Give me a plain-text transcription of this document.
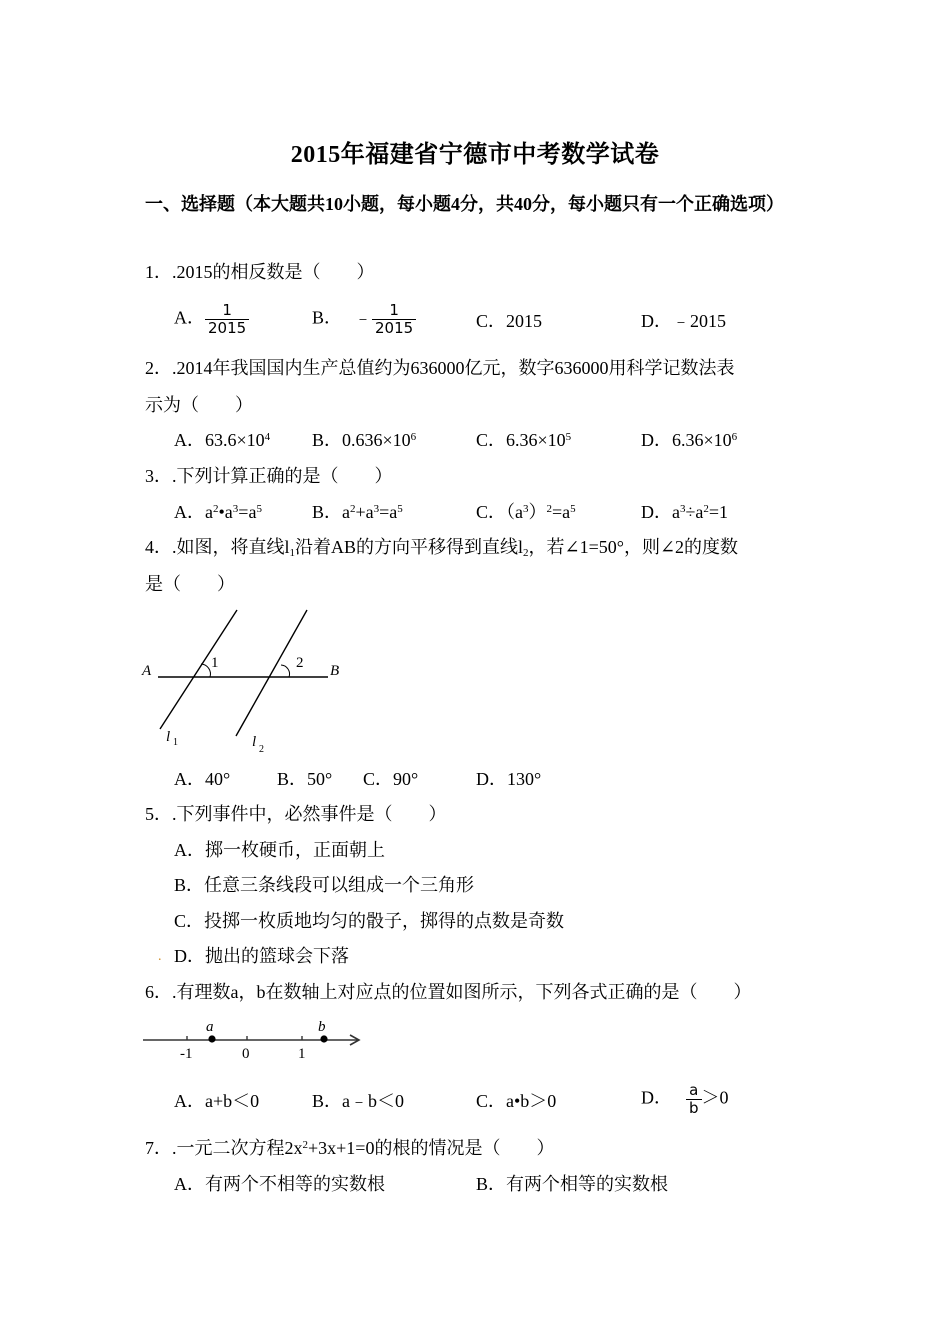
2015年福建省宁德市中考数学试卷
一、选择题（本大题共10小题，每小题4分，共40分，每小题只有一个正确选项）
1．.2015的相反数是（　　）
A． $\frac{1}{2015}$	B． ﹣ $\frac{1}{2015}$	C．2015	D．﹣2015
2．.2014年我国国内生产总值约为636000亿元，数字636000用科学记数法表
示为（　　）
A．$63.6\times 10^4$ B．$0.636\times 10^6$	C．$6.36\times 10^5$	D．$6.36\times 10^6$
3．.下列计算正确的是（　　）
A．$a^2•a^3=a^5$	B．$a^2+a^3=a^5$	C．$(a^3)^2=a^5$	D．$a^3\div a^2=1$
4．.如图，将直线$l_1$沿着AB的方向平移得到直线$l_2$，若∠1=50°，则∠2的度数
是（　　）
A	B
1	2
l 1	l 2
A．40°	B．50° C．90°	D．130°
5．.下列事件中，必然事件是（　　）
A．掷一枚硬币，正面朝上
B．任意三条线段可以组成一个三角形
C．投掷一枚质地均匀的骰子，掷得的点数是奇数
. D．抛出的篮球会下落
6．.有理数a，b在数轴上对应点的位置如图所示，下列各式正确的是（　　）
a	b
-1	0	1
A．a+b＜0	B．a﹣b＜0	C．a•b＞0	D． $\frac{a}{b} >0$
7．.一元二次方程$2x^2+3x+1=0$的根的情况是（　　）
A．有两个不相等的实数根	B．有两个相等的实数根
